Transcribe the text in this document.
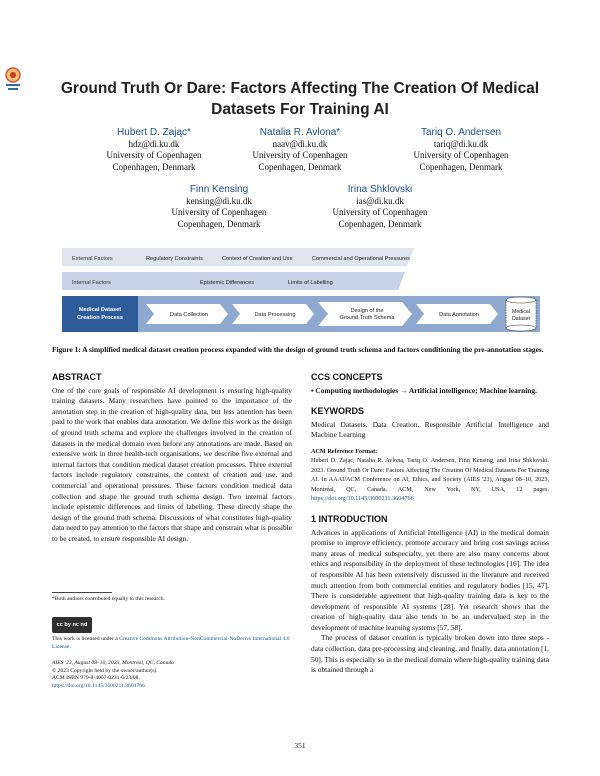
Ground Truth Or Dare: Factors Affecting The Creation Of Medical Datasets For Training AI
Hubert D. Zając*
hdz@di.ku.dk
University of Copenhagen
Copenhagen, Denmark
Natalia R. Avlona*
naav@di.ku.dk
University of Copenhagen
Copenhagen, Denmark
Tariq O. Andersen
tariq@di.ku.dk
University of Copenhagen
Copenhagen, Denmark
Finn Kensing
kensing@di.ku.dk
University of Copenhagen
Copenhagen, Denmark
Irina Shklovski
ias@di.ku.dk
University of Copenhagen
Copenhagen, Denmark
External Factors	Regulatory Constraints	Context of Creation and Use	Commercial and Operational Pressures
Internal Factors	Epistemic Differences	Limits of Labelling
Medical Dataset
Creation Process	Data Collection	Data Processing
Design of the
Ground Truth Schema	Data Annotation	Medical
Dataset
Figure 1: A simplified medical dataset creation process expanded with the design of ground truth schema and factors conditioning the pre-annotation stages.
ABSTRACT

One of the core goals of responsible AI development is ensuring high-quality training datasets. Many researchers have pointed to the importance of the annotation step in the creation of high-quality data, but less attention has been paid to the work that enables data annotation. We define this work as the design of ground truth schema and explore the challenges involved in the creation of datasets in the medical domain even before any annotations are made. Based on extensive work in three health-tech organisations, we describe five external and internal factors that condition medical dataset creation processes. Three external factors include regulatory constraints, the context of creation and use, and commercial and operational pressures. These factors condition medical data collection and shape the ground truth schema design. Two internal factors include epistemic differences and limits of labelling. These directly shape the design of the ground truth schema. Discussions of what constitutes high-quality data need to pay attention to the factors that shape and constrain what is possible to be created, to ensure responsible AI design.

*Both authors contributed equally to this research.
cc by nc nd
This work is licensed under a Creative Commons Attribution-NonCommercial-NoDerivs International 4.0 License.
AIES '23, August 08–10, 2023, Montréal, QC, Canada
© 2023 Copyright held by the owner/author(s).
ACM ISBN 979-8-4007-0231-0/23/08.
https://doi.org/10.1145/3600211.3604766
CCS CONCEPTS

• Computing methodologies → Artificial intelligence; Machine learning.

KEYWORDS

Medical Datasets, Data Creation, Responsible Artificial Intelligence and Machine Learning

ACM Reference Format:

Hubert D. Zając, Natalia R. Avlona, Tariq O. Andersen, Finn Kensing, and Irina Shklovski. 2023. Ground Truth Or Dare: Factors Affecting The Creation Of Medical Datasets For Training AI. In AAAI/ACM Conference on AI, Ethics, and Society (AIES '23), August 08–10, 2023, Montréal, QC, Canada. ACM, New York, NY, USA, 12 pages. https://doi.org/10.1145/3600211.3604766

1 INTRODUCTION

Advances in applications of Artificial Intelligence (AI) in the medical domain promise to improve efficiency, promote accuracy and bring cost savings across many areas of medical subspecialty, yet there are also many concerns about ethics and responsibility in the deployment of these technologies [16]. The idea of responsible AI has been extensively discussed in the literature and received much attention from both commercial entities and regulatory bodies [15, 47]. There is considerable agreement that high-quality training data is key to the development of responsible AI systems [28]. Yet research shows that the creation of high-quality data also tends to be an undervalued step in the development of machine learning systems [57, 58].

The process of dataset creation is typically broken down into three steps - data collection, data pre-processing and cleaning, and finally, data annotation [1, 50]. This is especially so in the medical domain where high-quality training data is obtained through a

351
